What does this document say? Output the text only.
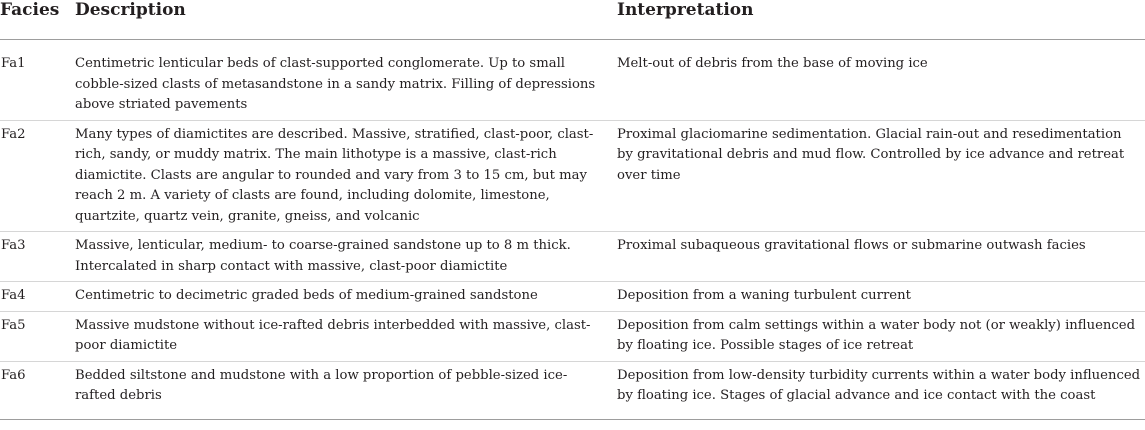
Facies	Description	Interpretation
Fa1	Centimetric lenticular beds of clast-supported conglomerate. Up to small cobble-sized clasts of metasandstone in a sandy matrix. Filling of depressions above striated pavements	Melt-out of debris from the base of moving ice
Fa2	Many types of diamictites are described. Massive, stratified, clast-poor, clast-rich, sandy, or muddy matrix. The main lithotype is a massive, clast-rich diamictite. Clasts are angular to rounded and vary from 3 to 15 cm, but may reach 2 m. A variety of clasts are found, including dolomite, limestone, quartzite, quartz vein, granite, gneiss, and volcanic	Proximal glaciomarine sedimentation. Glacial rain-out and resedimentation by gravitational debris and mud flow. Controlled by ice advance and retreat over time
Fa3	Massive, lenticular, medium- to coarse-grained sandstone up to 8 m thick. Intercalated in sharp contact with massive, clast-poor diamictite	Proximal subaqueous gravitational flows or submarine outwash facies
Fa4	Centimetric to decimetric graded beds of medium-grained sandstone	Deposition from a waning turbulent current
Fa5	Massive mudstone without ice-rafted debris interbedded with massive, clast-poor diamictite	Deposition from calm settings within a water body not (or weakly) influenced by floating ice. Possible stages of ice retreat
Fa6	Bedded siltstone and mudstone with a low proportion of pebble-sized ice-rafted debris	Deposition from low-density turbidity currents within a water body influenced by floating ice. Stages of glacial advance and ice contact with the coast
